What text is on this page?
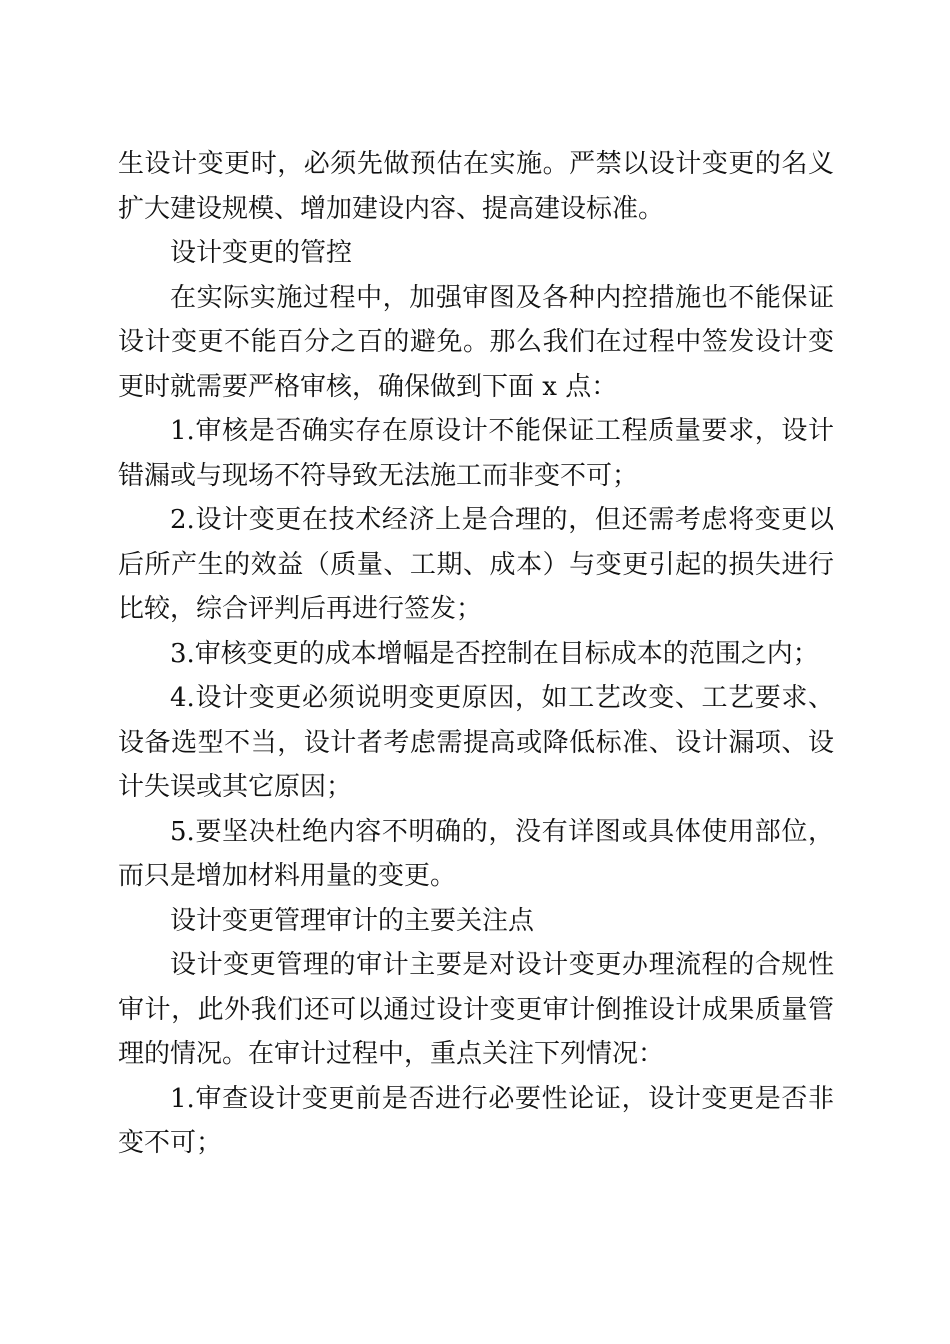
生设计变更时，必须先做预估在实施。严禁以设计变更的名义
扩大建设规模、增加建设内容、提高建设标准。
设计变更的管控
在实际实施过程中，加强审图及各种内控措施也不能保证
设计变更不能百分之百的避免。那么我们在过程中签发设计变
更时就需要严格审核，确保做到下面 x 点：
1.审核是否确实存在原设计不能保证工程质量要求，设计
错漏或与现场不符导致无法施工而非变不可；
2.设计变更在技术经济上是合理的，但还需考虑将变更以
后所产生的效益（质量、工期、成本）与变更引起的损失进行
比较，综合评判后再进行签发；
3.审核变更的成本增幅是否控制在目标成本的范围之内；
4.设计变更必须说明变更原因，如工艺改变、工艺要求、
设备选型不当，设计者考虑需提高或降低标准、设计漏项、设
计失误或其它原因；
5.要坚决杜绝内容不明确的，没有详图或具体使用部位，
而只是增加材料用量的变更。
设计变更管理审计的主要关注点
设计变更管理的审计主要是对设计变更办理流程的合规性
审计，此外我们还可以通过设计变更审计倒推设计成果质量管
理的情况。在审计过程中，重点关注下列情况：
1.审查设计变更前是否进行必要性论证，设计变更是否非
变不可；
